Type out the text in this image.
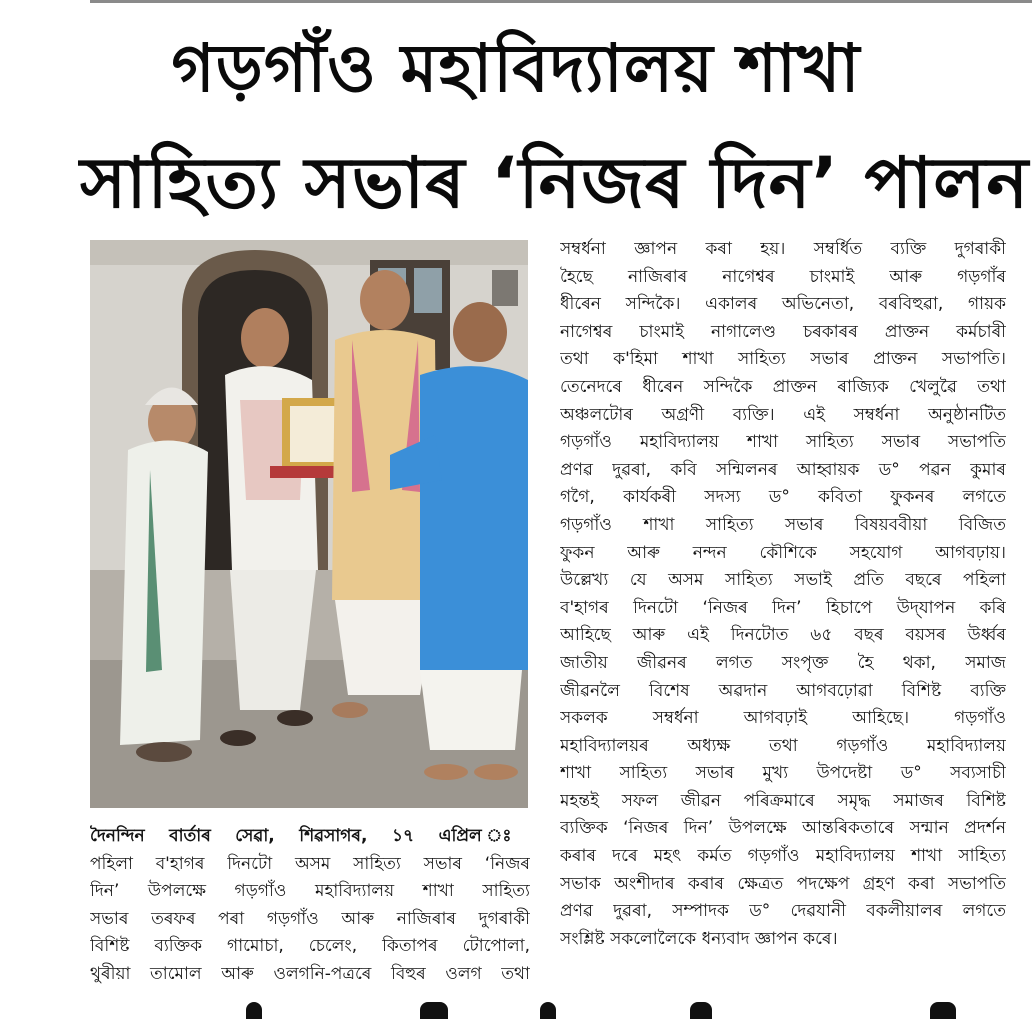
গড়গাঁও মহাবিদ্যালয় শাখা
সাহিত্য সভাৰ ‘নিজৰ দিন’ পালন
সম্বৰ্ধনা জ্ঞাপন কৰা হয়। সম্বৰ্ধিত ব্যক্তি দুগৰাকী
হৈছে নাজিৰাৰ নাগেশ্বৰ চাংমাই আৰু গড়গাঁৰ
ধীৰেন সন্দিকৈ। একালৰ অভিনেতা, বৰবিহুৱা, গায়ক
নাগেশ্বৰ চাংমাই নাগালেণ্ড চৰকাৰৰ প্ৰাক্তন কৰ্মচাৰী
তথা ক'হিমা শাখা সাহিত্য সভাৰ প্ৰাক্তন সভাপতি।
তেনেদৰে ধীৰেন সন্দিকৈ প্ৰাক্তন ৰাজ্যিক খেলুৱৈ তথা
অঞ্চলটোৰ অগ্ৰণী ব্যক্তি। এই সম্বৰ্ধনা অনুষ্ঠানটিত
গড়গাঁও মহাবিদ্যালয় শাখা সাহিত্য সভাৰ সভাপতি
প্ৰণৱ দুৱৰা, কবি সন্মিলনৰ আহ্বায়ক ড° পৱন কুমাৰ
গগৈ, কাৰ্যকৰী সদস্য ড° কবিতা ফুকনৰ লগতে
গড়গাঁও শাখা সাহিত্য সভাৰ বিষয়ববীয়া বিজিত
ফুকন আৰু নন্দন কৌশিকে সহযোগ আগবঢ়ায়।
উল্লেখ্য যে অসম সাহিত্য সভাই প্ৰতি বছৰে পহিলা
ব'হাগৰ দিনটো ‘নিজৰ দিন’ হিচাপে উদ্‌যাপন কৰি
আহিছে আৰু এই দিনটোত ৬৫ বছৰ বয়সৰ উৰ্ধ্বৰ
জাতীয় জীৱনৰ লগত সংপৃক্ত হৈ থকা, সমাজ
জীৱনলৈ বিশেষ অৱদান আগবঢ়োৱা বিশিষ্ট ব্যক্তি
সকলক সম্বৰ্ধনা আগবঢ়াই আহিছে। গড়গাঁও
মহাবিদ্যালয়ৰ অধ্যক্ষ তথা গড়গাঁও মহাবিদ্যালয়
শাখা সাহিত্য সভাৰ মুখ্য উপদেষ্টা ড° সব্যসাচী
মহন্তই সফল জীৱন পৰিক্ৰমাৰে সমৃদ্ধ সমাজৰ বিশিষ্ট
ব্যক্তিক ‘নিজৰ দিন’ উপলক্ষে আন্তৰিকতাৰে সন্মান প্ৰদৰ্শন
কৰাৰ দৰে মহৎ কৰ্মত গড়গাঁও মহাবিদ্যালয় শাখা সাহিত্য
সভাক অংশীদাৰ কৰাৰ ক্ষেত্ৰত পদক্ষেপ গ্ৰহণ কৰা সভাপতি
প্ৰণৱ দুৱৰা, সম্পাদক ড° দেৱযানী বকলীয়ালৰ লগতে
সংশ্লিষ্ট সকলোলৈকে ধন্যবাদ জ্ঞাপন কৰে।
দৈনন্দিন বাৰ্তাৰ সেৱা, শিৱসাগৰ, ১৭ এপ্ৰিল ঃ
পহিলা ব'হাগৰ দিনটো অসম সাহিত্য সভাৰ ‘নিজৰ
দিন’ উপলক্ষে গড়গাঁও মহাবিদ্যালয় শাখা সাহিত্য
সভাৰ তৰফৰ পৰা গড়গাঁও আৰু নাজিৰাৰ দুগৰাকী
বিশিষ্ট ব্যক্তিক গামোচা, চেলেং, কিতাপৰ টোপোলা,
থুৰীয়া তামোল আৰু ওলগনি-পত্ৰৰে বিহুৰ ওলগ তথা
